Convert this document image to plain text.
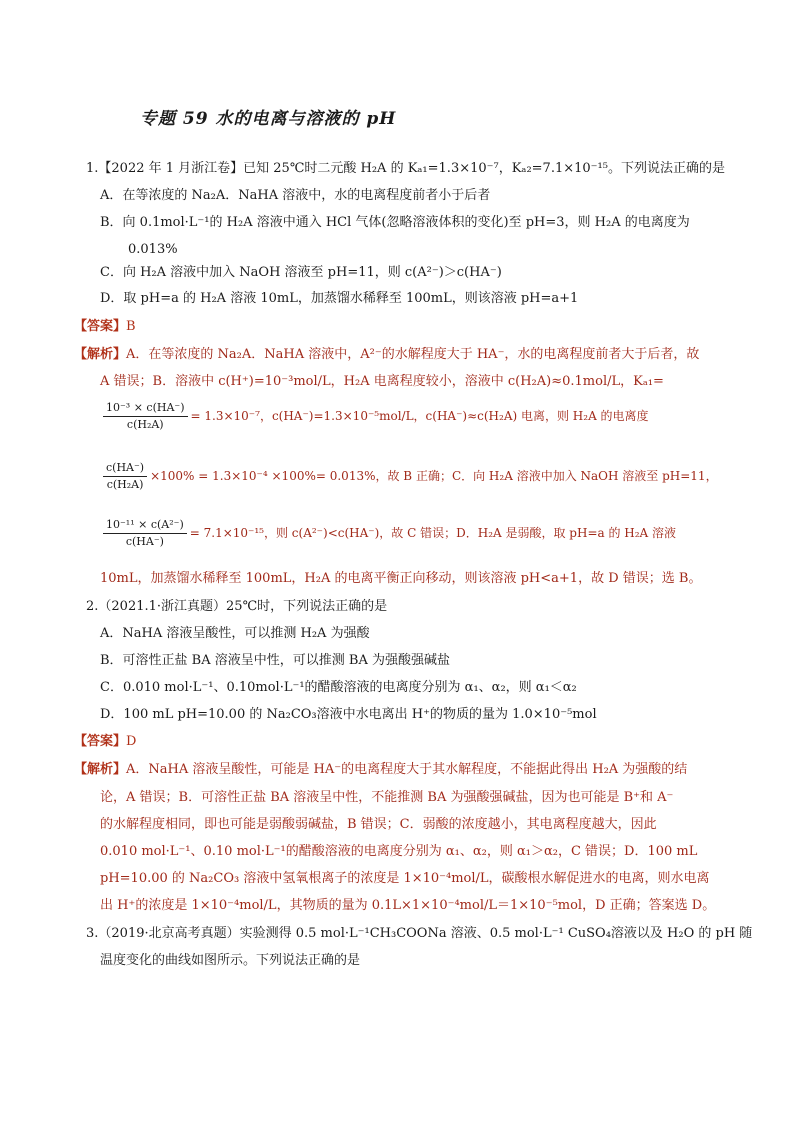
专题 59 水的电离与溶液的 pH
1.【2022 年 1 月浙江卷】已知 25℃时二元酸 H₂A 的 Kₐ₁=1.3×10⁻⁷，Kₐ₂=7.1×10⁻¹⁵。下列说法正确的是
A．在等浓度的 Na₂A．NaHA 溶液中，水的电离程度前者小于后者
B．向 0.1mol·L⁻¹的 H₂A 溶液中通入 HCl 气体(忽略溶液体积的变化)至 pH=3，则 H₂A 的电离度为
0.013%
C．向 H₂A 溶液中加入 NaOH 溶液至 pH=11，则 c(A²⁻)＞c(HA⁻)
D．取 pH=a 的 H₂A 溶液 10mL，加蒸馏水稀释至 100mL，则该溶液 pH=a+1
【答案】B
【解析】A．在等浓度的 Na₂A．NaHA 溶液中，A²⁻的水解程度大于 HA⁻，水的电离程度前者大于后者，故
A 错误；B．溶液中 c(H⁺)=10⁻³mol/L，H₂A 电离程度较小，溶液中 c(H₂A)≈0.1mol/L，Kₐ₁=
$\frac{\text{10⁻³ × c(HA⁻)}}{\text{c(H₂A)}} = 1.3\times 10^{-7}$，c(HA⁻)=1.3×10⁻⁵mol/L，c(HA⁻)≈c(H₂A) 电离，则 H₂A 的电离度
$\frac{c(HA^-)}{\text{c(H₂A)}} \times 100\% = 1.3\times 10^{-4} \times 100\%= 0.013\%$，故 B 正确；C．向 H₂A 溶液中加入 NaOH 溶液至 pH=11，
$\frac{\text{10⁻¹¹ × c(A²⁻)}}{c(HA^-)} = 7.1\times 10^{-15}$，则 c(A²⁻)<c(HA⁻)，故 C 错误；D．H₂A 是弱酸，取 pH=a 的 H₂A 溶液
10mL，加蒸馏水稀释至 100mL，H₂A 的电离平衡正向移动，则该溶液 pH<a+1，故 D 错误；选 B。
2.（2021.1·浙江真题）25℃时，下列说法正确的是
A．NaHA 溶液呈酸性，可以推测 H₂A 为强酸
B．可溶性正盐 BA 溶液呈中性，可以推测 BA 为强酸强碱盐
C．0.010 mol·L⁻¹、0.10mol·L⁻¹的醋酸溶液的电离度分别为 α₁、α₂，则 α₁＜α₂
D．100 mL pH=10.00 的 Na₂CO₃溶液中水电离出 H⁺的物质的量为 1.0×10⁻⁵mol
【答案】D
【解析】A．NaHA 溶液呈酸性，可能是 HA⁻的电离程度大于其水解程度，不能据此得出 H₂A 为强酸的结
论，A 错误；B．可溶性正盐 BA 溶液呈中性，不能推测 BA 为强酸强碱盐，因为也可能是 B⁺和 A⁻
的水解程度相同，即也可能是弱酸弱碱盐，B 错误；C．弱酸的浓度越小，其电离程度越大，因此
0.010 mol·L⁻¹、0.10 mol·L⁻¹的醋酸溶液的电离度分别为 α₁、α₂，则 α₁＞α₂，C 错误；D．100 mL
pH=10.00 的 Na₂CO₃ 溶液中氢氧根离子的浓度是 1×10⁻⁴mol/L，碳酸根水解促进水的电离，则水电离
出 H⁺的浓度是 1×10⁻⁴mol/L，其物质的量为 0.1L×1×10⁻⁴mol/L＝1×10⁻⁵mol，D 正确；答案选 D。
3.（2019·北京高考真题）实验测得 0.5 mol·L⁻¹CH₃COONa 溶液、0.5 mol·L⁻¹ CuSO₄溶液以及 H₂O 的 pH 随
温度变化的曲线如图所示。下列说法正确的是
